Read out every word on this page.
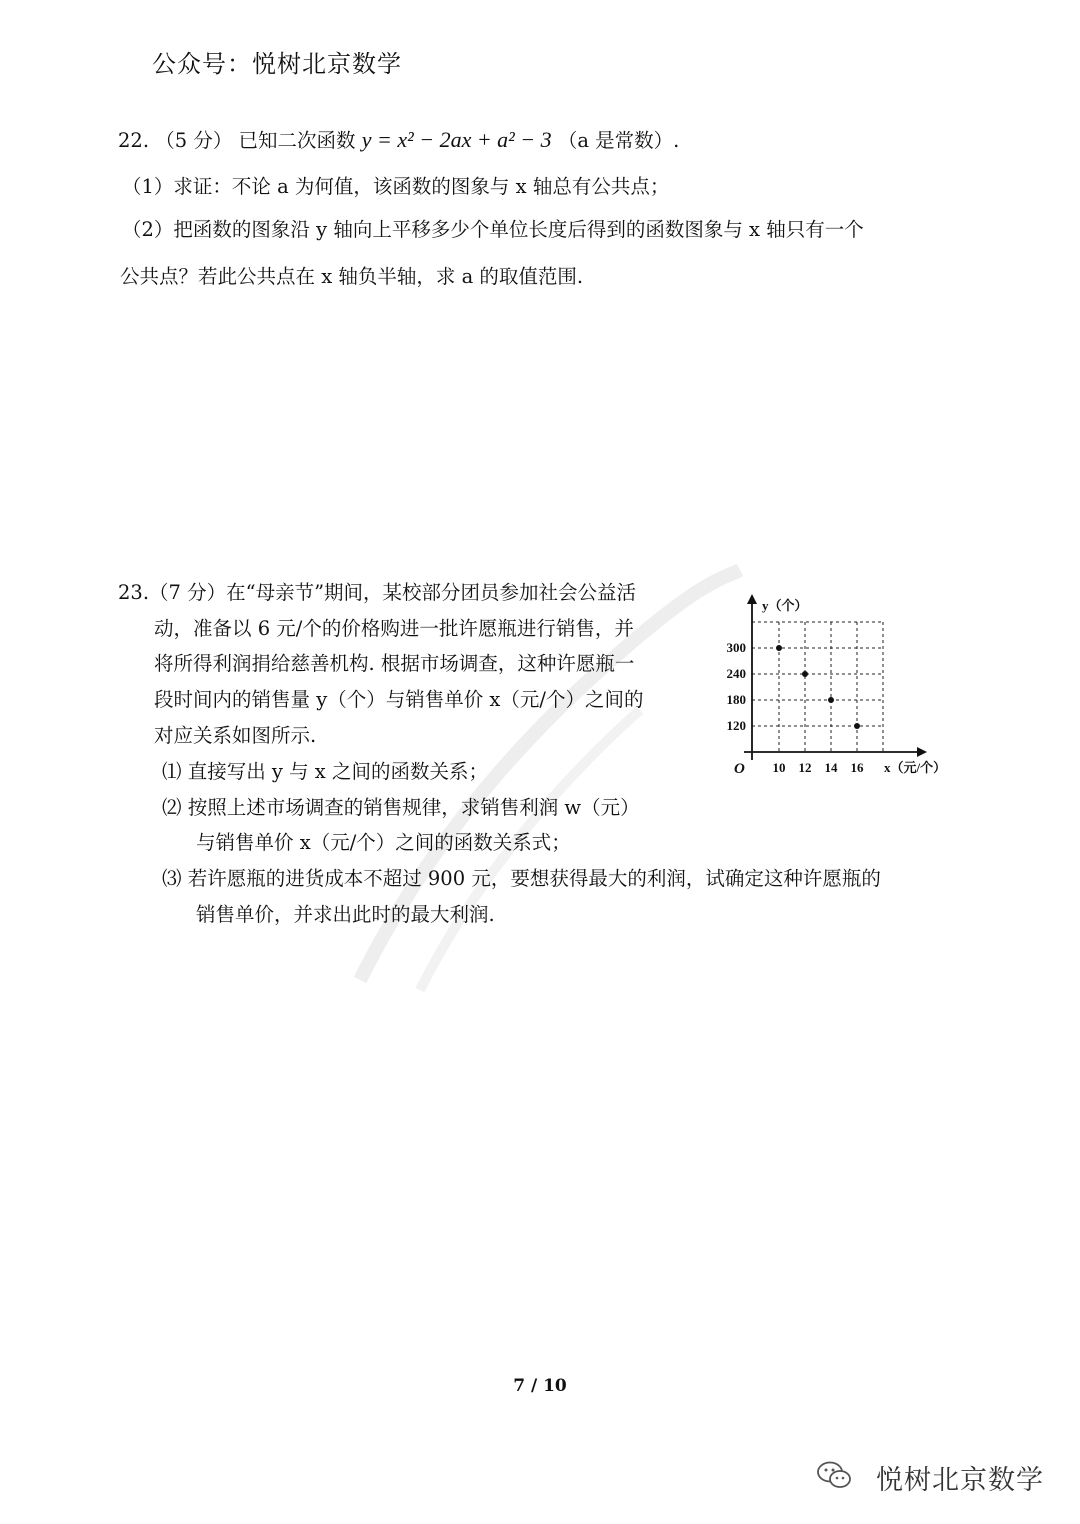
公众号：悦树北京数学
22. （5 分） 已知二次函数 y = x² − 2ax + a² − 3 （a 是常数）.
（1）求证：不论 a 为何值，该函数的图象与 x 轴总有公共点；
（2）把函数的图象沿 y 轴向上平移多少个单位长度后得到的函数图象与 x 轴只有一个
公共点？若此公共点在 x 轴负半轴，求 a 的取值范围.
23.（7 分）在“母亲节”期间，某校部分团员参加社会公益活
动，准备以 6 元/个的价格购进一批许愿瓶进行销售，并
将所得利润捐给慈善机构. 根据市场调查，这种许愿瓶一
段时间内的销售量 y（个）与销售单价 x（元/个）之间的
对应关系如图所示.
⑴ 直接写出 y 与 x 之间的函数关系；
⑵ 按照上述市场调查的销售规律，求销售利润 w（元）
与销售单价 x（元/个）之间的函数关系式；
⑶ 若许愿瓶的进货成本不超过 900 元，要想获得最大的利润，试确定这种许愿瓶的
销售单价，并求出此时的最大利润.
y（个）
x（元/个）
O 10 12 14 16
300
240
180
120
7 / 10
悦树北京数学
